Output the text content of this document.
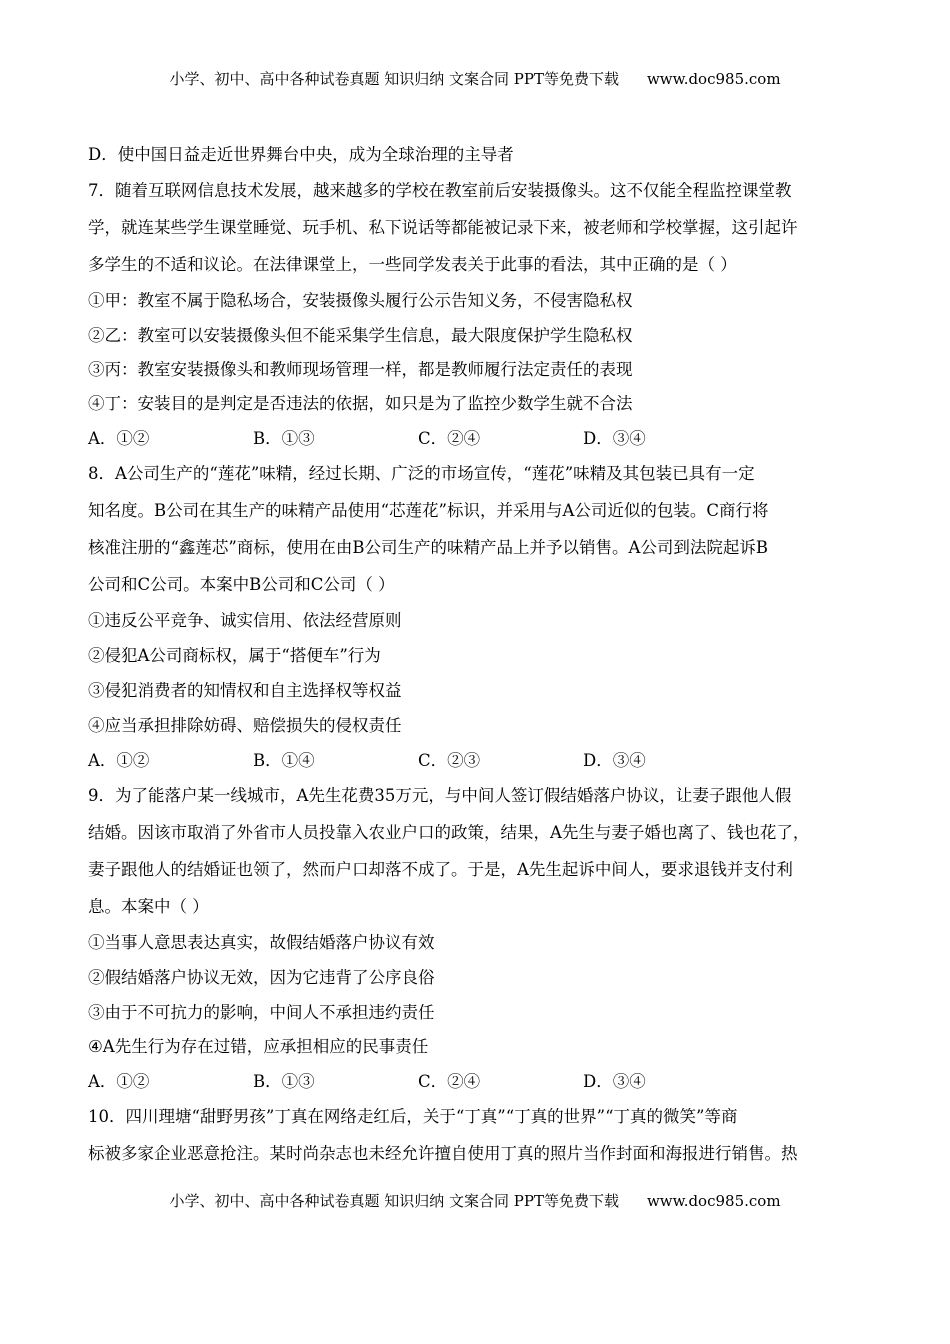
小学、初中、高中各种试卷真题 知识归纳 文案合同 PPT等免费下载 www.doc985.com
D．使中国日益走近世界舞台中央，成为全球治理的主导者
7．随着互联网信息技术发展，越来越多的学校在教室前后安装摄像头。这不仅能全程监控课堂教
学，就连某些学生课堂睡觉、玩手机、私下说话等都能被记录下来，被老师和学校掌握，这引起许
多学生的不适和议论。在法律课堂上，一些同学发表关于此事的看法，其中正确的是（ ）
①甲：教室不属于隐私场合，安装摄像头履行公示告知义务，不侵害隐私权
②乙：教室可以安装摄像头但不能采集学生信息，最大限度保护学生隐私权
③丙：教室安装摄像头和教师现场管理一样，都是教师履行法定责任的表现
④丁：安装目的是判定是否违法的依据，如只是为了监控少数学生就不合法
A．①②	B．①③	C．②④	D．③④
8．A公司生产的“莲花”味精，经过长期、广泛的市场宣传，“莲花”味精及其包装已具有一定
知名度。B公司在其生产的味精产品使用“芯莲花”标识，并采用与A公司近似的包装。C商行将
核准注册的“鑫莲芯”商标，使用在由B公司生产的味精产品上并予以销售。A公司到法院起诉B
公司和C公司。本案中B公司和C公司（ ）
①违反公平竞争、诚实信用、依法经营原则
②侵犯A公司商标权，属于“搭便车”行为
③侵犯消费者的知情权和自主选择权等权益
④应当承担排除妨碍、赔偿损失的侵权责任
A．①②	B．①④	C．②③	D．③④
9．为了能落户某一线城市，A先生花费35万元，与中间人签订假结婚落户协议，让妻子跟他人假
结婚。因该市取消了外省市人员投靠入农业户口的政策，结果，A先生与妻子婚也离了、钱也花了，
妻子跟他人的结婚证也领了，然而户口却落不成了。于是，A先生起诉中间人，要求退钱并支付利
息。本案中（ ）
①当事人意思表达真实，故假结婚落户协议有效
②假结婚落户协议无效，因为它违背了公序良俗
③由于不可抗力的影响，中间人不承担违约责任
④A先生行为存在过错，应承担相应的民事责任
A．①②	B．①③	C．②④	D．③④
10．四川理塘“甜野男孩”丁真在网络走红后，关于“丁真”“丁真的世界”“丁真的微笑”等商
标被多家企业恶意抢注。某时尚杂志也未经允许擅自使用丁真的照片当作封面和海报进行销售。热
小学、初中、高中各种试卷真题 知识归纳 文案合同 PPT等免费下载 www.doc985.com
